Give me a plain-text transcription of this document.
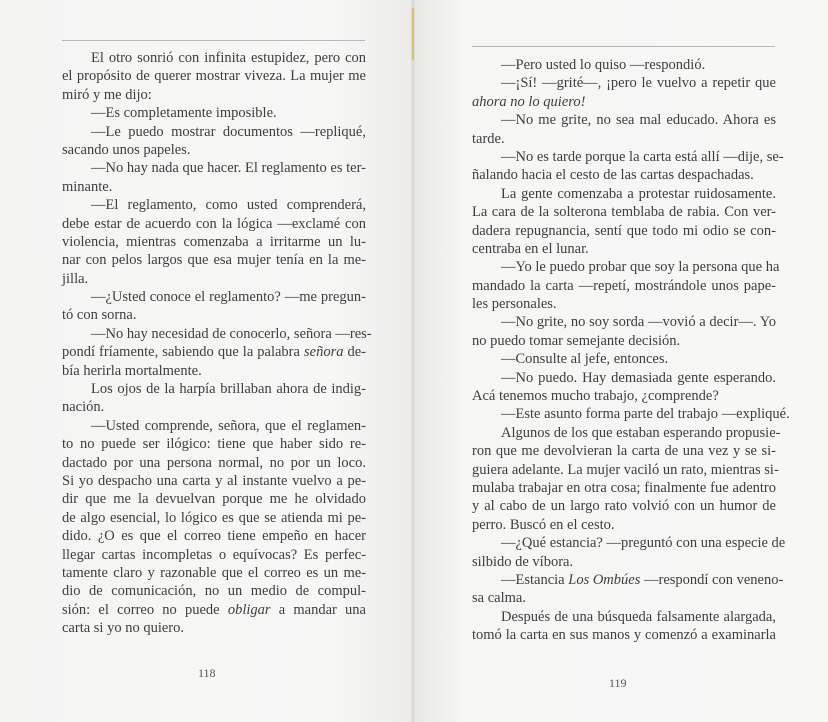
El otro sonrió con infinita estupidez, pero con
el propósito de querer mostrar viveza. La mujer me
miró y me dijo:
—Es completamente imposible.
—Le puedo mostrar documentos —repliqué,
sacando unos papeles.
—No hay nada que hacer. El reglamento es ter-
minante.
—El reglamento, como usted comprenderá,
debe estar de acuerdo con la lógica —exclamé con
violencia, mientras comenzaba a irritarme un lu-
nar con pelos largos que esa mujer tenía en la me-
jilla.
—¿Usted conoce el reglamento? —me pregun-
tó con sorna.
—No hay necesidad de conocerlo, señora —res-
pondí fríamente, sabiendo que la palabra señora de-
bía herirla mortalmente.
Los ojos de la harpía brillaban ahora de indig-
nación.
—Usted comprende, señora, que el reglamen-
to no puede ser ilógico: tiene que haber sido re-
dactado por una persona normal, no por un loco.
Si yo despacho una carta y al instante vuelvo a pe-
dir que me la devuelvan porque me he olvidado
de algo esencial, lo lógico es que se atienda mi pe-
dido. ¿O es que el correo tiene empeño en hacer
llegar cartas incompletas o equívocas? Es perfec-
tamente claro y razonable que el correo es un me-
dio de comunicación, no un medio de compul-
sión: el correo no puede obligar a mandar una
carta si yo no quiero.
118
—Pero usted lo quiso —respondió.
—¡Sí! —grité—, ¡pero le vuelvo a repetir que
ahora no lo quiero!
—No me grite, no sea mal educado. Ahora es
tarde.
—No es tarde porque la carta está allí —dije, se-
ñalando hacia el cesto de las cartas despachadas.
La gente comenzaba a protestar ruidosamente.
La cara de la solterona temblaba de rabia. Con ver-
dadera repugnancia, sentí que todo mi odio se con-
centraba en el lunar.
—Yo le puedo probar que soy la persona que ha
mandado la carta —repetí, mostrándole unos pape-
les personales.
—No grite, no soy sorda —vovió a decir—. Yo
no puedo tomar semejante decisión.
—Consulte al jefe, entonces.
—No puedo. Hay demasiada gente esperando.
Acá tenemos mucho trabajo, ¿comprende?
—Este asunto forma parte del trabajo —expliqué.
Algunos de los que estaban esperando propusie-
ron que me devolvieran la carta de una vez y se si-
guiera adelante. La mujer vaciló un rato, mientras si-
mulaba trabajar en otra cosa; finalmente fue adentro
y al cabo de un largo rato volvió con un humor de
perro. Buscó en el cesto.
—¿Qué estancia? —preguntó con una especie de
silbido de víbora.
—Estancia Los Ombúes —respondí con veneno-
sa calma.
Después de una búsqueda falsamente alargada,
tomó la carta en sus manos y comenzó a examinarla
119
